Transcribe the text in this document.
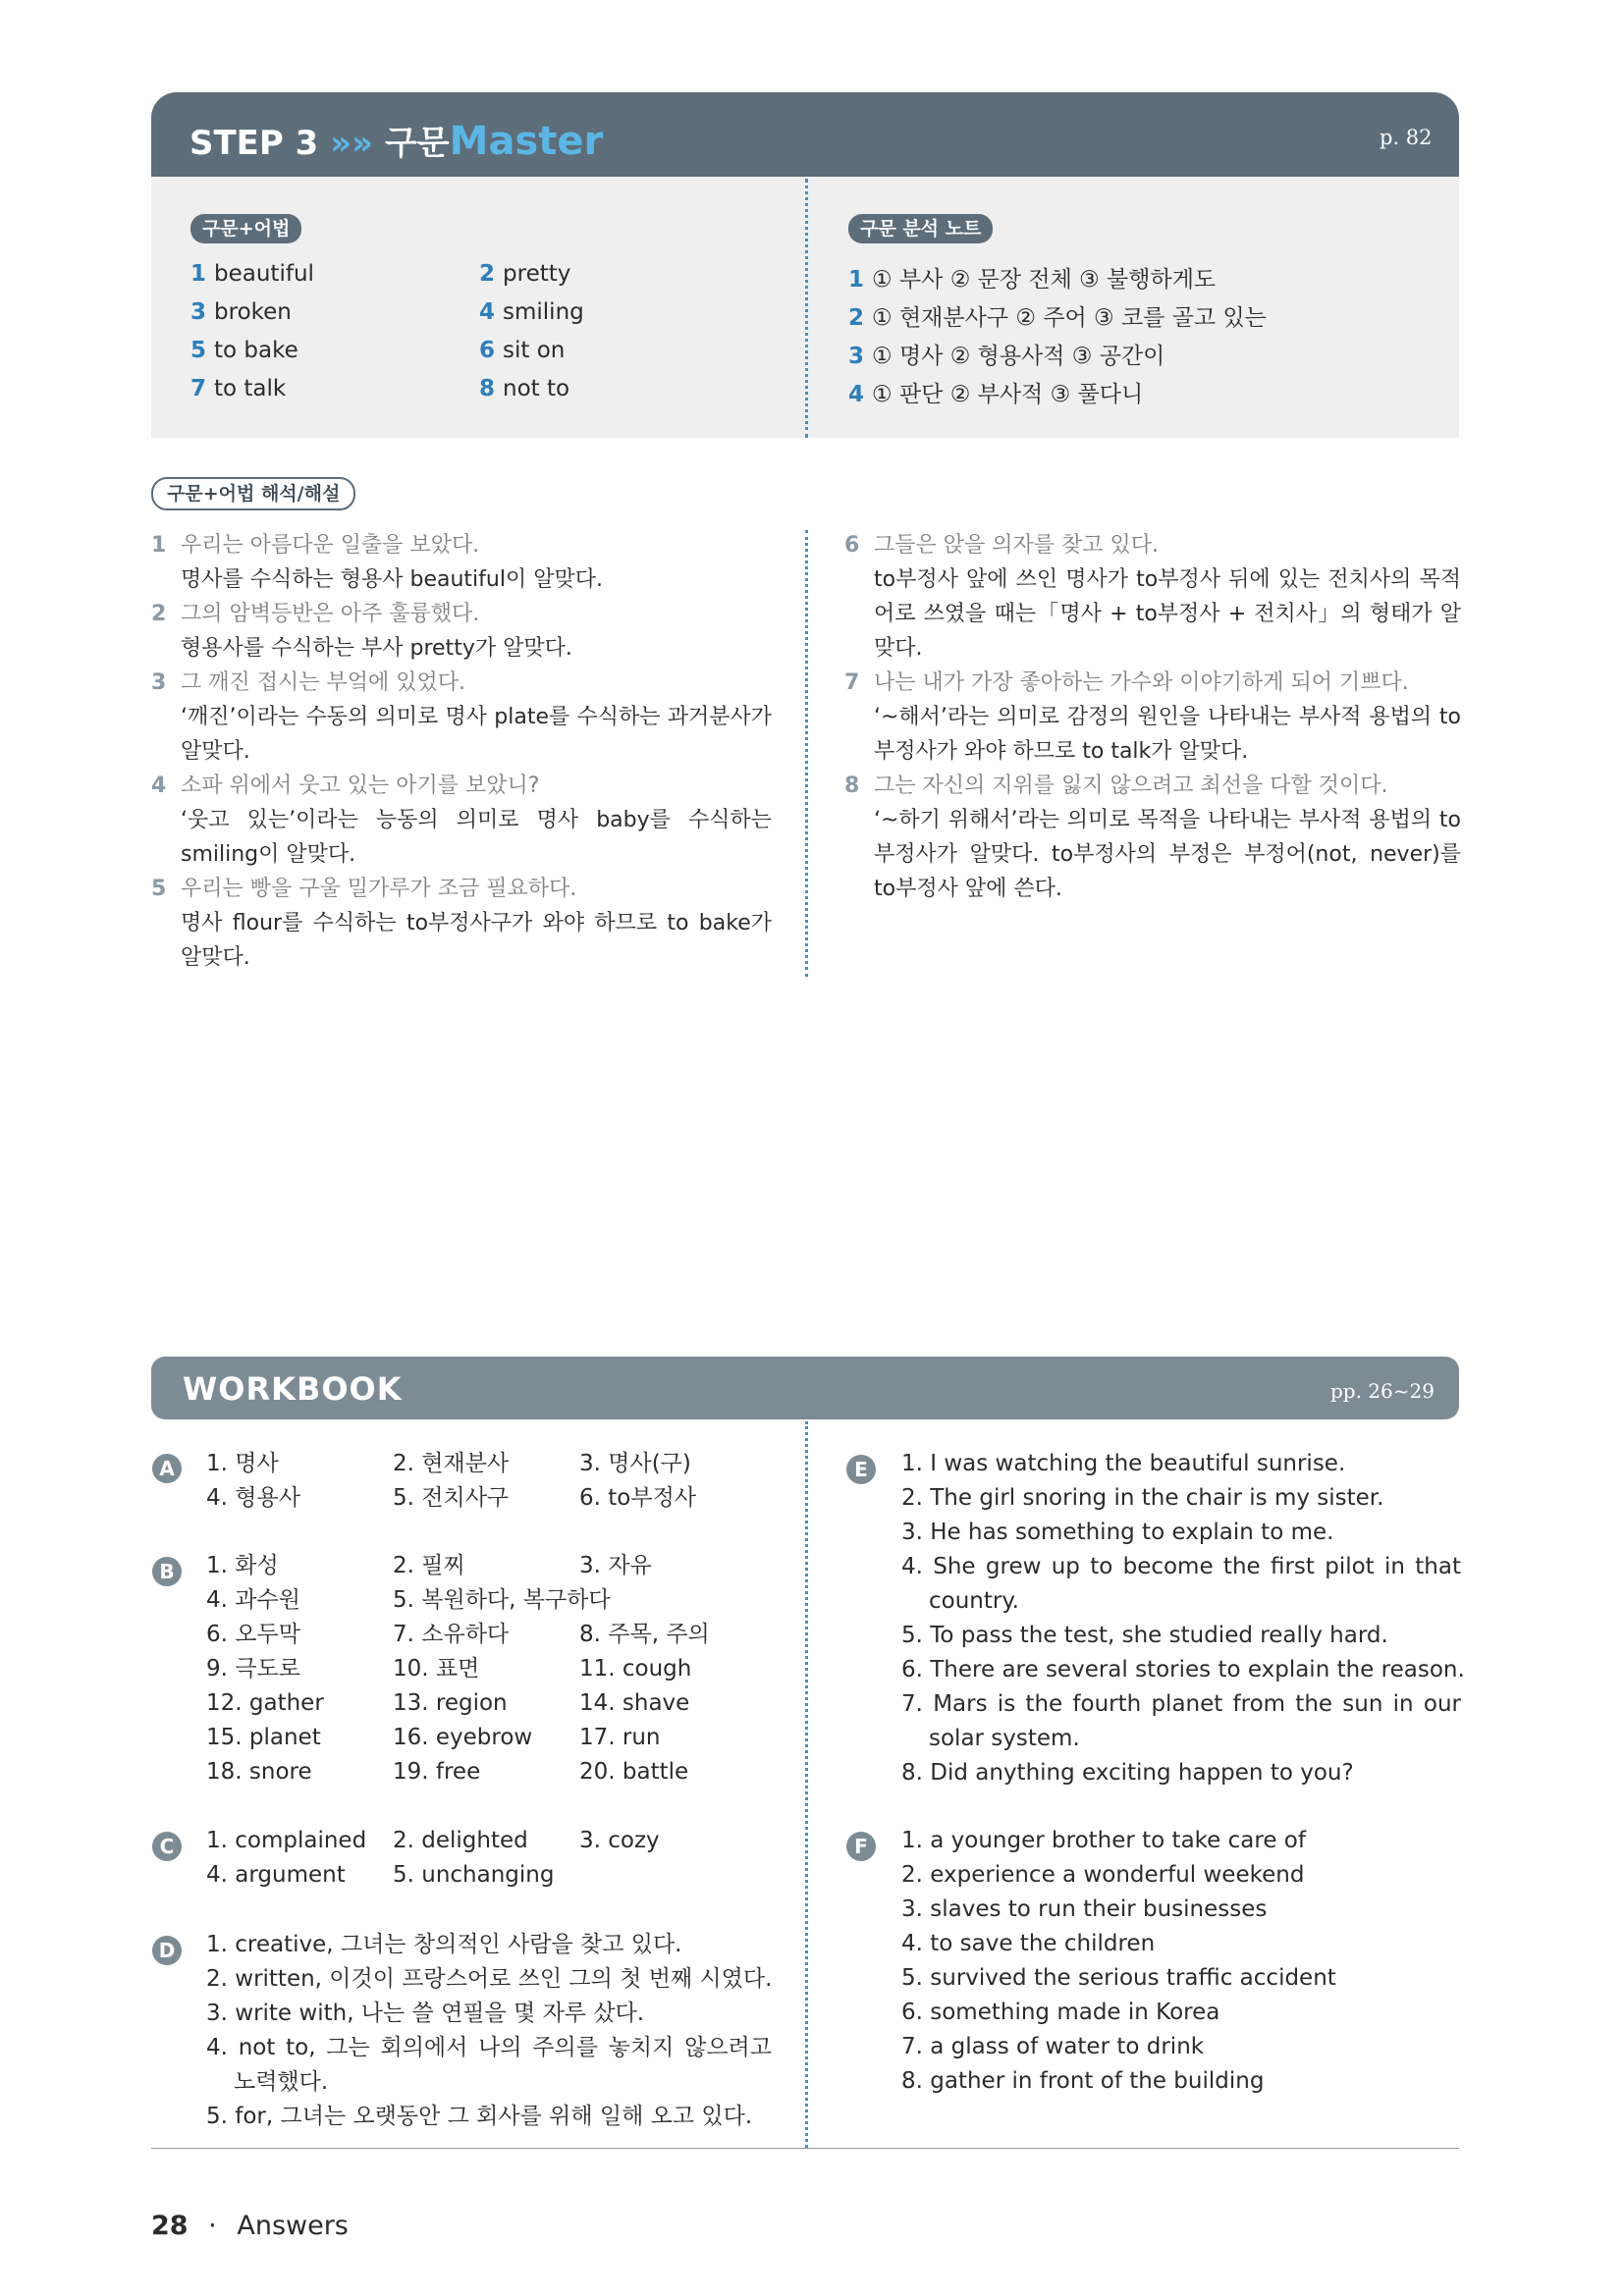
STEP 3 »» 구문Master	p. 82
구문+어법
1 beautiful	2 pretty
3 broken	4 smiling
5 to bake	6 sit on
7 to talk	8 not to
구문 분석 노트
1 ① 부사 ② 문장 전체 ③ 불행하게도
2 ① 현재분사구 ② 주어 ③ 코를 골고 있는
3 ① 명사 ② 형용사적 ③ 공간이
4 ① 판단 ② 부사적 ③ 풀다니
구문+어법 해석/해설
1 우리는 아름다운 일출을 보았다.
명사를 수식하는 형용사 beautiful이 알맞다.
2 그의 암벽등반은 아주 훌륭했다.
형용사를 수식하는 부사 pretty가 알맞다.
3 그 깨진 접시는 부엌에 있었다.
‘깨진’이라는 수동의 의미로 명사 plate를 수식하는 과거분사가 알맞다.
4 소파 위에서 웃고 있는 아기를 보았니?
‘웃고 있는’이라는 능동의 의미로 명사 baby를 수식하는 smiling이 알맞다.
5 우리는 빵을 구울 밀가루가 조금 필요하다.
명사 flour를 수식하는 to부정사구가 와야 하므로 to bake가 알맞다.
6 그들은 앉을 의자를 찾고 있다.
to부정사 앞에 쓰인 명사가 to부정사 뒤에 있는 전치사의 목적어로 쓰였을 때는「명사 + to부정사 + 전치사」의 형태가 알맞다.
7 나는 내가 가장 좋아하는 가수와 이야기하게 되어 기쁘다.
‘~해서’라는 의미로 감정의 원인을 나타내는 부사적 용법의 to부정사가 와야 하므로 to talk가 알맞다.
8 그는 자신의 지위를 잃지 않으려고 최선을 다할 것이다.
‘~하기 위해서’라는 의미로 목적을 나타내는 부사적 용법의 to부정사가 알맞다. to부정사의 부정은 부정어(not, never)를 to부정사 앞에 쓴다.
WORKBOOK	pp. 26~29
A	1. 명사	2. 현재분사	3. 명사(구)
4. 형용사	5. 전치사구	6. to부정사
B	1. 화성	2. 필찌	3. 자유
4. 과수원	5. 복원하다, 복구하다
6. 오두막	7. 소유하다	8. 주목, 주의
9. 극도로	10. 표면	11. cough
12. gather	13. region	14. shave
15. planet	16. eyebrow	17. run
18. snore	19. free	20. battle
C	1. complained	2. delighted	3. cozy
4. argument	5. unchanging
D 1. creative, 그녀는 창의적인 사람을 찾고 있다.
2. written, 이것이 프랑스어로 쓰인 그의 첫 번째 시였다.
3. write with, 나는 쓸 연필을 몇 자루 샀다.
4. not to, 그는 회의에서 나의 주의를 놓치지 않으려고 노력했다.
5. for, 그녀는 오랫동안 그 회사를 위해 일해 오고 있다.
E	1. I was watching the beautiful sunrise.
2. The girl snoring in the chair is my sister.
3. He has something to explain to me.
4. She grew up to become the first pilot in that country.
5. To pass the test, she studied really hard.
6. There are several stories to explain the reason.
7. Mars is the fourth planet from the sun in our solar system.
8. Did anything exciting happen to you?
F	1. a younger brother to take care of
2. experience a wonderful weekend
3. slaves to run their businesses
4. to save the children
5. survived the serious traffic accident
6. something made in Korea
7. a glass of water to drink
8. gather in front of the building
28 · Answers
